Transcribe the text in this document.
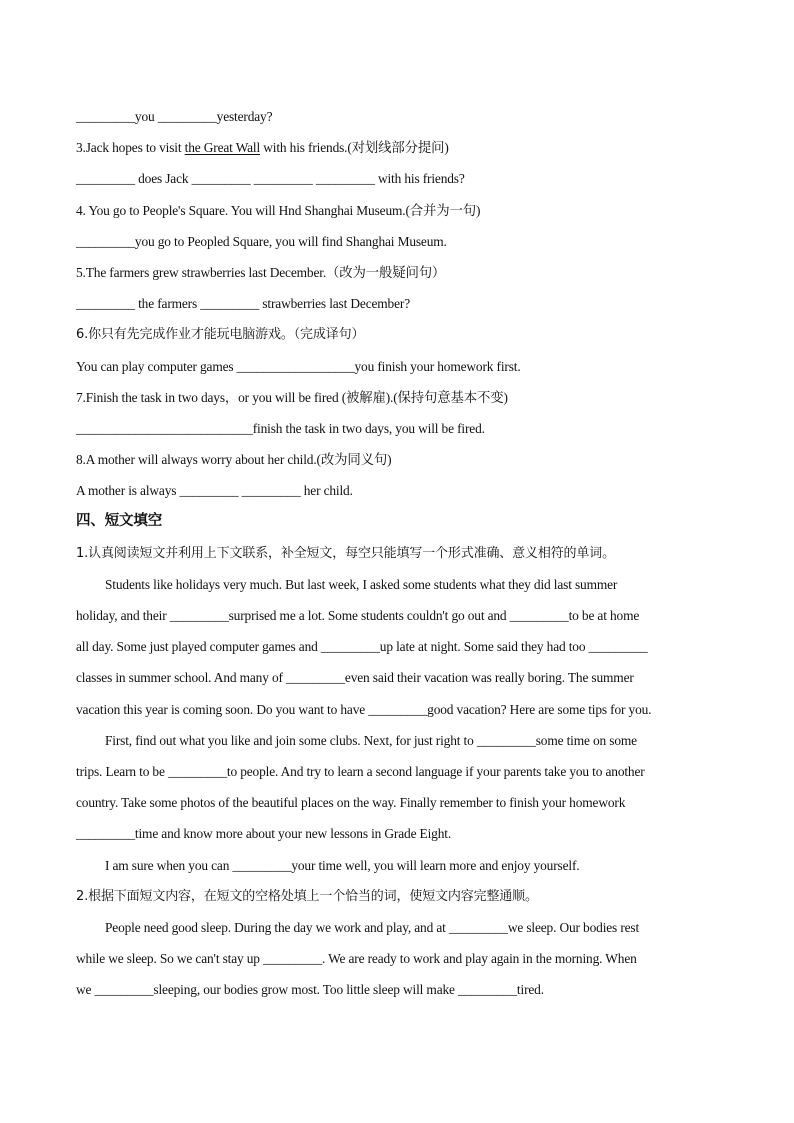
_________you _________yesterday?
3.Jack hopes to visit the Great Wall with his friends.(对划线部分提问)
_________ does Jack _________ _________ _________ with his friends?
4. You go to People's Square. You will Hnd Shanghai Museum.(合并为一句)
_________you go to Peopled Square, you will find Shanghai Museum.
5.The farmers grew strawberries last December.（改为一般疑问句）
_________ the farmers _________ strawberries last December?
6.你只有先完成作业才能玩电脑游戏。（完成译句）
You can play computer games __________________you finish your homework first.
7.Finish the task in two days，or you will be fired (被解雇).(保持句意基本不变)
___________________________finish the task in two days, you will be fired.
8.A mother will always worry about her child.(改为同义句)
A mother is always _________ _________ her child.
四、短文填空
1.认真阅读短文并利用上下文联系，补全短文，每空只能填写一个形式准确、意义相符的单词。
Students like holidays very much. But last week, I asked some students what they did last summer
holiday, and their _________surprised me a lot. Some students couldn't go out and _________to be at home
all day. Some just played computer games and _________up late at night. Some said they had too _________
classes in summer school. And many of _________even said their vacation was really boring. The summer
vacation this year is coming soon. Do you want to have _________good vacation? Here are some tips for you.
First, find out what you like and join some clubs. Next, for just right to _________some time on some
trips. Learn to be _________to people. And try to learn a second language if your parents take you to another
country. Take some photos of the beautiful places on the way. Finally remember to finish your homework
_________time and know more about your new lessons in Grade Eight.
I am sure when you can _________your time well, you will learn more and enjoy yourself.
2.根据下面短文内容，在短文的空格处填上一个恰当的词，使短文内容完整通顺。
People need good sleep. During the day we work and play, and at _________we sleep. Our bodies rest
while we sleep. So we can't stay up _________. We are ready to work and play again in the morning. When
we _________sleeping, our bodies grow most. Too little sleep will make _________tired.
